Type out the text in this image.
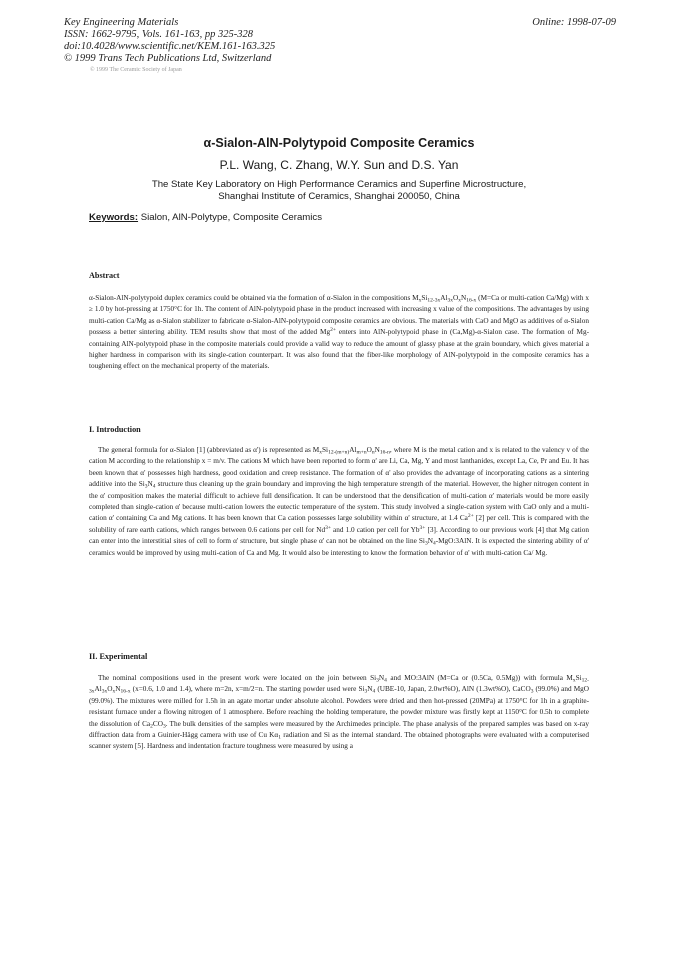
Key Engineering Materials
ISSN: 1662-9795, Vols. 161-163, pp 325-328
doi:10.4028/www.scientific.net/KEM.161-163.325
© 1999 Trans Tech Publications Ltd, Switzerland
Online: 1998-07-09
© 1999 The Ceramic Society of Japan
α-Sialon-AlN-Polytypoid Composite Ceramics
P.L. Wang, C. Zhang, W.Y. Sun and D.S. Yan
The State Key Laboratory on High Performance Ceramics and Superfine Microstructure,
Shanghai Institute of Ceramics, Shanghai 200050, China
Keywords: Sialon, AlN-Polytype, Composite Ceramics
Abstract
α-Sialon-AlN-polytypoid duplex ceramics could be obtained via the formation of α-Sialon in the compositions $M_xSi_{12-3x}Al_{3x}O_xN_{16-x}$ (M=Ca or multi-cation Ca/Mg) with x ≥ 1.0 by hot-pressing at 1750°C for 1h. The content of AlN-polytypoid phase in the product increased with increasing x value of the compositions. The advantages by using multi-cation Ca/Mg as α-Sialon stabilizer to fabricate α-Sialon-AlN-polytypoid composite ceramics are obvious. The materials with CaO and MgO as additives of α-Sialon possess a better sintering ability. TEM results show that most of the added $Mg^{2+}$ enters into AlN-polytypoid phase in (Ca,Mg)-α-Sialon case. The formation of Mg-containing AlN-polytypoid phase in the composite materials could provide a valid way to reduce the amount of glassy phase at the grain boundary, which gives material a higher hardness in comparison with its single-cation counterpart. It was also found that the fiber-like morphology of AlN-polytypoid in the composite ceramics has a toughening effect on the mechanical property of the materials.
I. Introduction
The general formula for α-Sialon [1] (abbreviated as α') is represented as $M_xSi_{12-(m+n)}Al_{m+n}O_nN_{16-n}$, where M is the metal cation and x is related to the valency v of the cation M according to the relationship x = m/v. The cations M which have been reported to form α' are Li, Ca, Mg, Y and most lanthanides, except La, Ce, Pr and Eu. It has been known that α' possesses high hardness, good oxidation and creep resistance. The formation of α' also provides the advantage of incorporating cations as a sintering additive into the $Si_3N_4$ structure thus cleaning up the grain boundary and improving the high temperature strength of the material. However, the higher nitrogen content in the α' composition makes the material difficult to achieve full densification. It can be understood that the densification of multi-cation α' materials would be more easily completed than single-cation α' because multi-cation lowers the eutectic temperature of the system. This study involved a single-cation system with CaO only and a multi-cation α' containing Ca and Mg cations. It has been known that Ca cation possesses large solubility within α' structure, at 1.4 $Ca^{2+}$ [2] per cell. This is compared with the solubility of rare earth cations, which ranges between 0.6 cations per cell for $Nd^{3+}$ and 1.0 cation per cell for $Yb^{3+}$ [3]. According to our previous work [4] that Mg cation can enter into the interstitial sites of cell to form α' structure, but single phase α' can not be obtained on the line $Si_3N_4-MgO:3AlN$. It is expected the sintering ability of α' ceramics would be improved by using multi-cation of Ca and Mg. It would also be interesting to know the formation behavior of α' with multi-cation Ca/ Mg.
II. Experimental
The nominal compositions used in the present work were located on the join between $Si_3N_4$ and MO:3AlN (M=Ca or (0.5Ca, 0.5Mg)) with formula $M_xSi_{12-3x}Al_{3x}O_xN_{16-x}$ (x=0.6, 1.0 and 1.4), where m=2n, x=m/2=n. The starting powder used were $Si_3N_4$ (UBE-10, Japan, 2.0wt%O), AlN (1.3wt%O), CaCO$_3$ (99.0%) and MgO (99.0%). The mixtures were milled for 1.5h in an agate mortar under absolute alcohol. Powders were dried and then hot-pressed (20MPa) at 1750°C for 1h in a graphite-resistant furnace under a flowing nitrogen of 1 atmosphere. Before reaching the holding temperature, the powder mixture was firstly kept at 1150°C for 0.5h to complete the dissolution of $Ca_2CO_3$. The bulk densities of the samples were measured by the Archimedes principle. The phase analysis of the prepared samples was based on x-ray diffraction data from a Guinier-Hägg camera with use of Cu $K\alpha_1$ radiation and Si as the internal standard. The obtained photographs were evaluated with a computerised scanner system [5]. Hardness and indentation fracture toughness were measured by using a
